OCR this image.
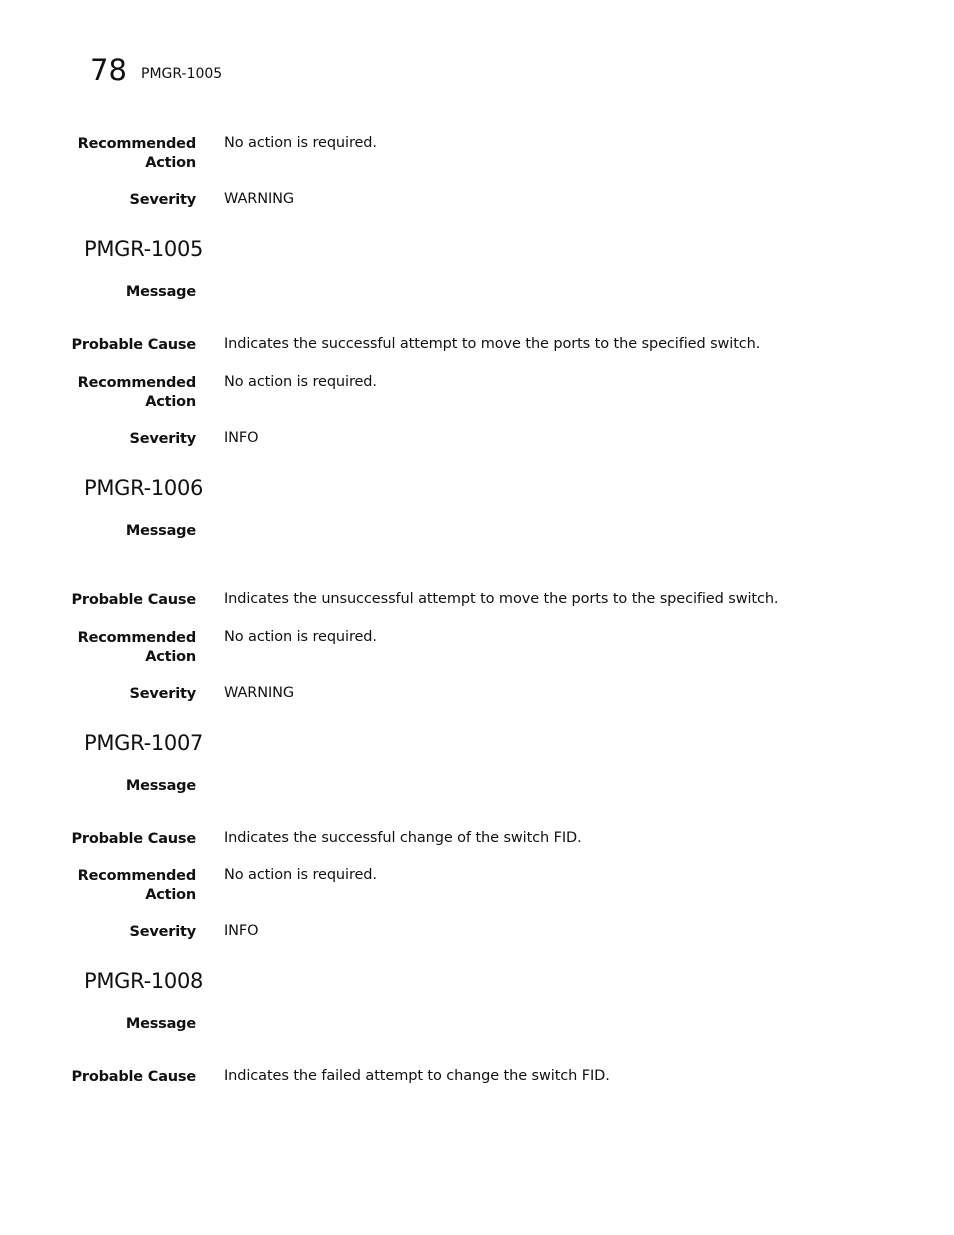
78 PMGR-1005
Recommended
Action
No action is required.
Severity WARNING
PMGR-1005
Message
Probable Cause Indicates the successful attempt to move the ports to the specified switch.
Recommended
Action
No action is required.
Severity INFO
PMGR-1006
Message
Probable Cause Indicates the unsuccessful attempt to move the ports to the specified switch.
Recommended
Action
No action is required.
Severity WARNING
PMGR-1007
Message
Probable Cause Indicates the successful change of the switch FID.
Recommended
Action
No action is required.
Severity INFO
PMGR-1008
Message
Probable Cause Indicates the failed attempt to change the switch FID.
